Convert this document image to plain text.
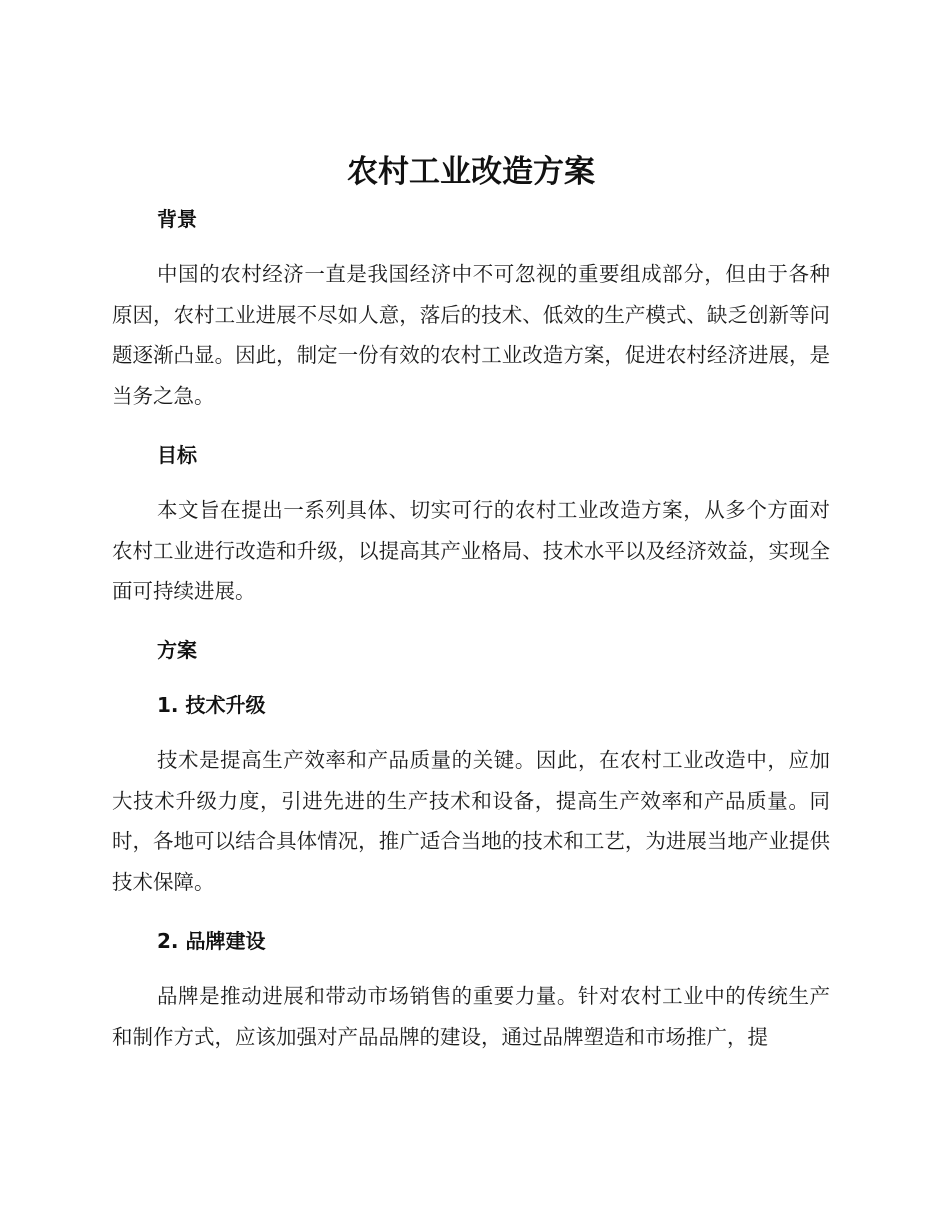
农村工业改造方案
背景

中国的农村经济一直是我国经济中不可忽视的重要组成部分，但由于各种原因，农村工业进展不尽如人意，落后的技术、低效的生产模式、缺乏创新等问题逐渐凸显。因此，制定一份有效的农村工业改造方案，促进农村经济进展，是当务之急。

目标

本文旨在提出一系列具体、切实可行的农村工业改造方案，从多个方面对农村工业进行改造和升级，以提高其产业格局、技术水平以及经济效益，实现全面可持续进展。

方案
1. 技术升级

技术是提高生产效率和产品质量的关键。因此，在农村工业改造中，应加大技术升级力度，引进先进的生产技术和设备，提高生产效率和产品质量。同时，各地可以结合具体情况，推广适合当地的技术和工艺，为进展当地产业提供技术保障。

2. 品牌建设

品牌是推动进展和带动市场销售的重要力量。针对农村工业中的传统生产和制作方式，应该加强对产品品牌的建设，通过品牌塑造和市场推广，提
